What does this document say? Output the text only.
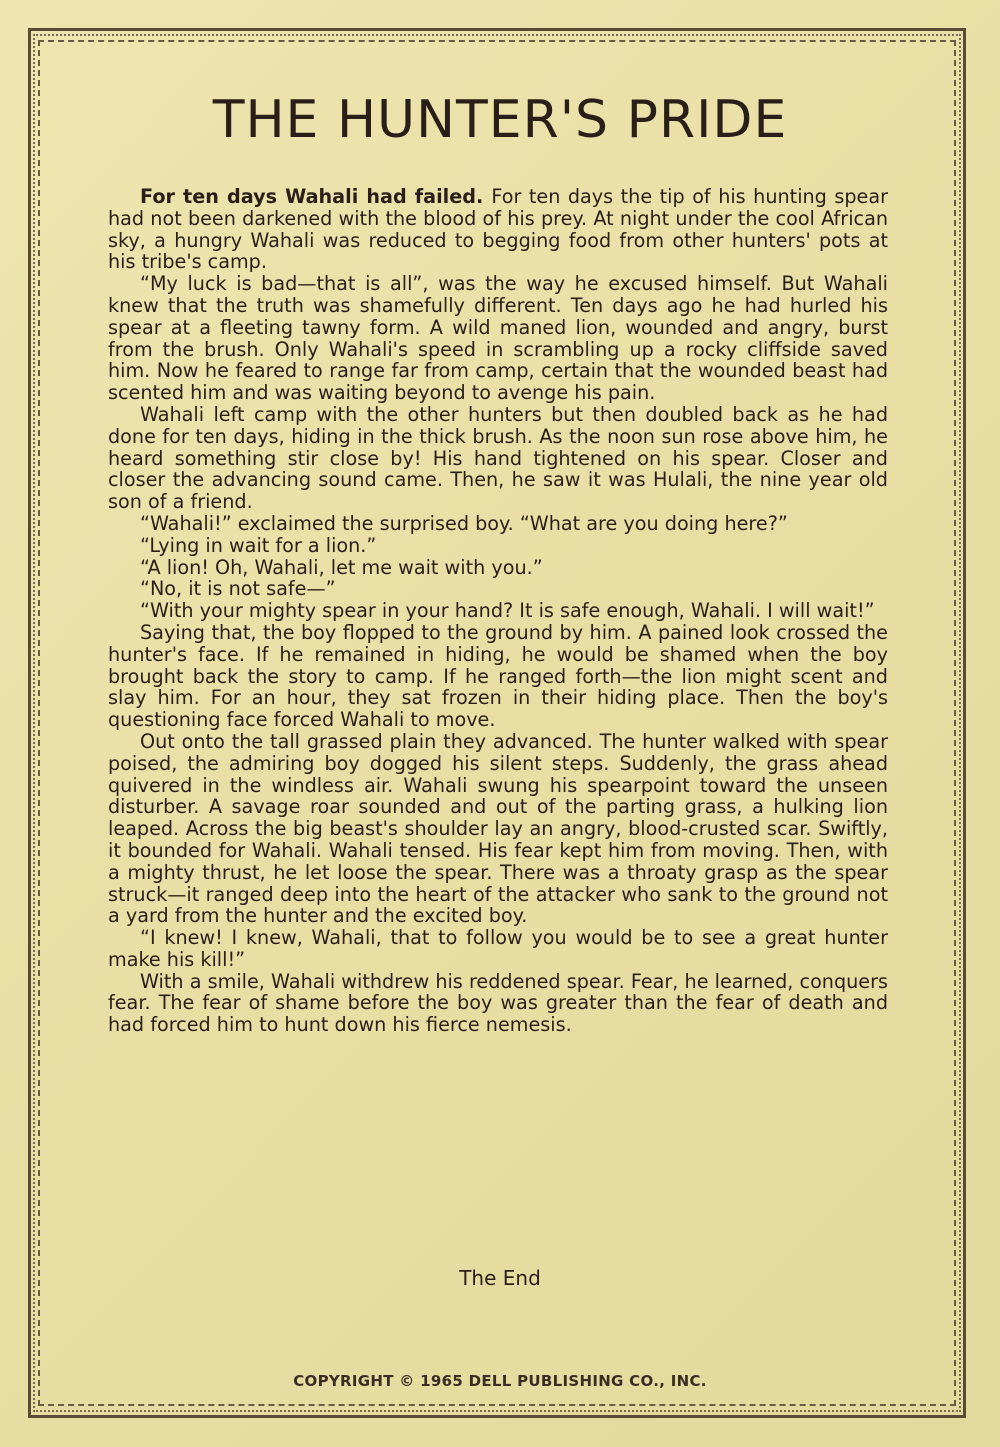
THE HUNTER'S PRIDE

For ten days Wahali had failed. For ten days the tip of his hunting spear had not been darkened with the blood of his prey. At night under the cool African sky, a hungry Wahali was reduced to begging food from other hunters' pots at his tribe's camp.

“My luck is bad—that is all”, was the way he excused himself. But Wahali knew that the truth was shamefully different. Ten days ago he had hurled his spear at a fleeting tawny form. A wild maned lion, wounded and angry, burst from the brush. Only Wahali's speed in scrambling up a rocky cliffside saved him. Now he feared to range far from camp, certain that the wounded beast had scented him and was waiting beyond to avenge his pain.

Wahali left camp with the other hunters but then doubled back as he had done for ten days, hiding in the thick brush. As the noon sun rose above him, he heard something stir close by! His hand tightened on his spear. Closer and closer the advancing sound came. Then, he saw it was Hulali, the nine year old son of a friend.

“Wahali!” exclaimed the surprised boy. “What are you doing here?”

“Lying in wait for a lion.”

“A lion! Oh, Wahali, let me wait with you.”

“No, it is not safe—”

“With your mighty spear in your hand? It is safe enough, Wahali. I will wait!”

Saying that, the boy flopped to the ground by him. A pained look crossed the hunter's face. If he remained in hiding, he would be shamed when the boy brought back the story to camp. If he ranged forth—the lion might scent and slay him. For an hour, they sat frozen in their hiding place. Then the boy's questioning face forced Wahali to move.

Out onto the tall grassed plain they advanced. The hunter walked with spear poised, the admiring boy dogged his silent steps. Suddenly, the grass ahead quivered in the windless air. Wahali swung his spearpoint toward the unseen disturber. A savage roar sounded and out of the parting grass, a hulking lion leaped. Across the big beast's shoulder lay an angry, blood-crusted scar. Swiftly, it bounded for Wahali. Wahali tensed. His fear kept him from moving. Then, with a mighty thrust, he let loose the spear. There was a throaty grasp as the spear struck—it ranged deep into the heart of the attacker who sank to the ground not a yard from the hunter and the excited boy.

“I knew! I knew, Wahali, that to follow you would be to see a great hunter make his kill!”

With a smile, Wahali withdrew his reddened spear. Fear, he learned, conquers fear. The fear of shame before the boy was greater than the fear of death and had forced him to hunt down his fierce nemesis.

The End
COPYRIGHT © 1965 DELL PUBLISHING CO., INC.
